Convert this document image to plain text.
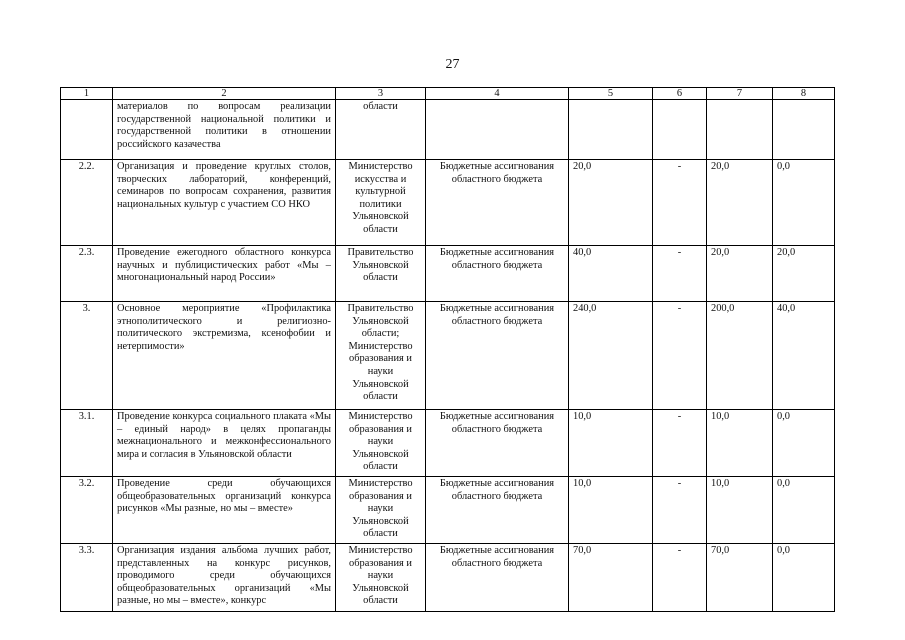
27
1	2	3	4	5	6	7	8
	материалов по вопросам реализации государственной национальной политики и государственной политики в отношении российского казачества	области					
2.2.	Организация и проведение круглых столов, творческих лабораторий, конференций, семинаров по вопросам сохранения, развития национальных культур с участием СО НКО	Министерство искусства и культурной политики Ульяновской области	Бюджетные ассигнования областного бюджета	20,0	-	20,0	0,0
2.3.	Проведение ежегодного областного конкурса научных и публицистических работ «Мы – многонациональный народ России»	Правительство Ульяновской области	Бюджетные ассигнования областного бюджета	40,0	-	20,0	20,0
3.	Основное мероприятие «Профилактика этнополитического и религиозно-политического экстремизма, ксенофобии и нетерпимости»	Правительство Ульяновской области; Министерство образования и науки Ульяновской области	Бюджетные ассигнования областного бюджета	240,0	-	200,0	40,0
3.1.	Проведение конкурса социального плаката «Мы – единый народ» в целях пропаганды межнационального и межконфессионального мира и согласия в Ульяновской области	Министерство образования и науки Ульяновской области	Бюджетные ассигнования областного бюджета	10,0	-	10,0	0,0
3.2.	Проведение среди обучающихся общеобразовательных организаций конкурса рисунков «Мы разные, но мы – вместе»	Министерство образования и науки Ульяновской области	Бюджетные ассигнования областного бюджета	10,0	-	10,0	0,0
3.3.	Организация издания альбома лучших работ, представленных на конкурс рисунков, проводимого среди обучающихся общеобразовательных организаций «Мы разные, но мы – вместе», конкурс	Министерство образования и науки Ульяновской области	Бюджетные ассигнования областного бюджета	70,0	-	70,0	0,0
